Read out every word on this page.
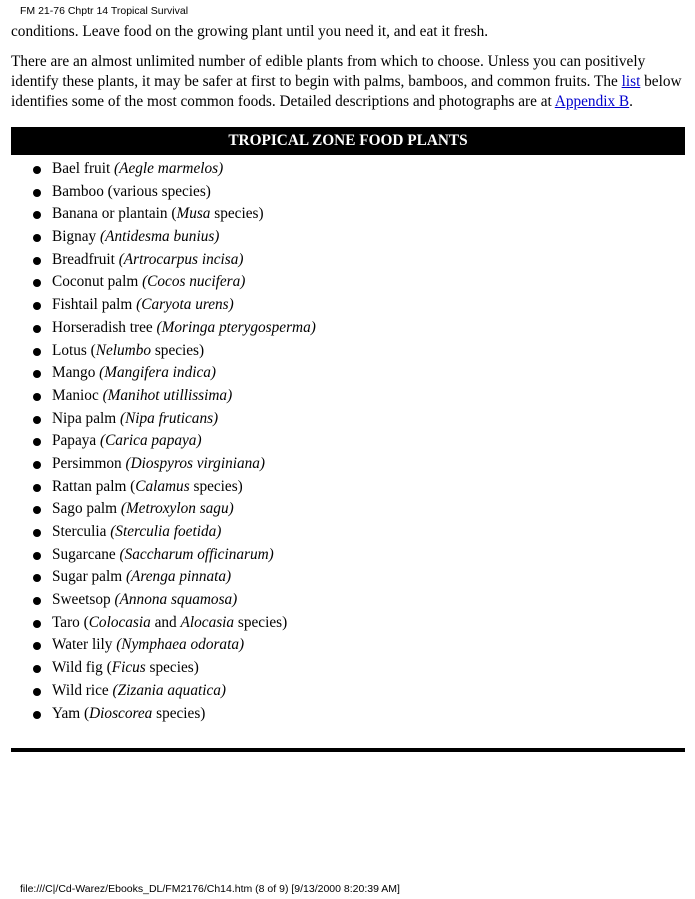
FM 21-76 Chptr 14 Tropical Survival

conditions. Leave food on the growing plant until you need it, and eat it fresh.

There are an almost unlimited number of edible plants from which to choose. Unless you can positively identify these plants, it may be safer at first to begin with palms, bamboos, and common fruits. The list below identifies some of the most common foods. Detailed descriptions and photographs are at Appendix B.

TROPICAL ZONE FOOD PLANTS
Bael fruit (Aegle marmelos)
Bamboo (various species)
Banana or plantain (Musa species)
Bignay (Antidesma bunius)
Breadfruit (Artrocarpus incisa)
Coconut palm (Cocos nucifera)
Fishtail palm (Caryota urens)
Horseradish tree (Moringa pterygosperma)
Lotus (Nelumbo species)
Mango (Mangifera indica)
Manioc (Manihot utillissima)
Nipa palm (Nipa fruticans)
Papaya (Carica papaya)
Persimmon (Diospyros virginiana)
Rattan palm (Calamus species)
Sago palm (Metroxylon sagu)
Sterculia (Sterculia foetida)
Sugarcane (Saccharum officinarum)
Sugar palm (Arenga pinnata)
Sweetsop (Annona squamosa)
Taro (Colocasia and Alocasia species)
Water lily (Nymphaea odorata)
Wild fig (Ficus species)
Wild rice (Zizania aquatica)
Yam (Dioscorea species)
file:///C|/Cd-Warez/Ebooks_DL/FM2176/Ch14.htm (8 of 9) [9/13/2000 8:20:39 AM]
